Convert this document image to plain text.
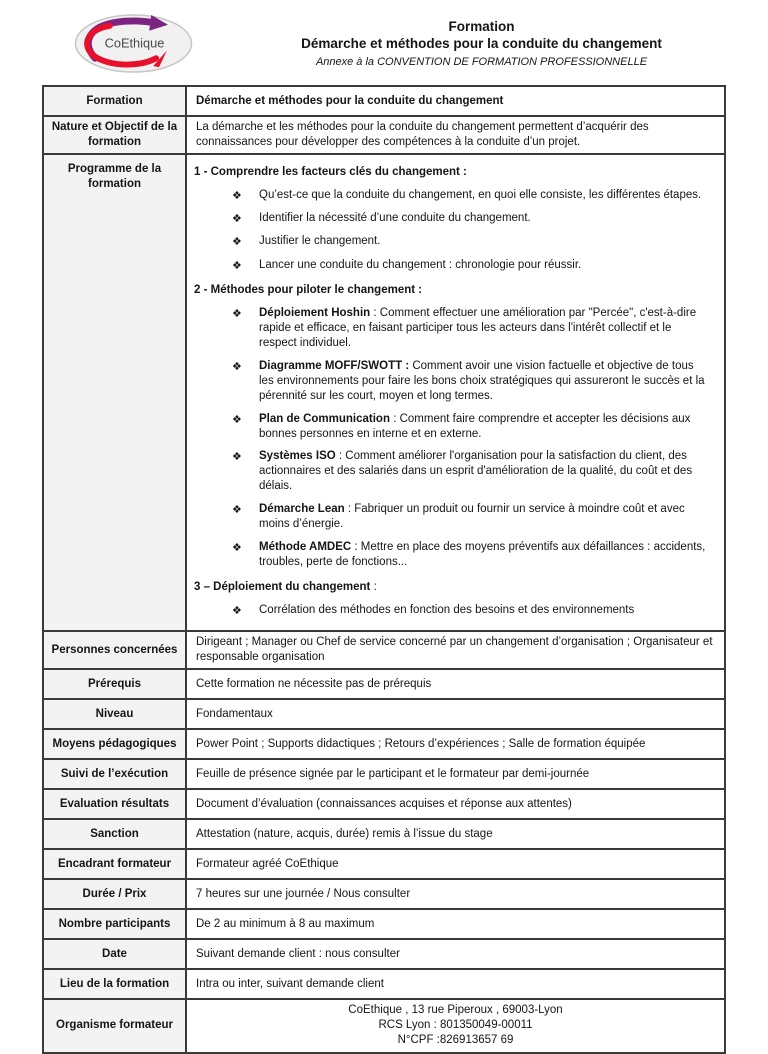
CoEthique
Formation
Démarche et méthodes pour la conduite du changement
Annexe à la CONVENTION DE FORMATION PROFESSIONNELLE
Formation	Démarche et méthodes pour la conduite du changement
Nature et Objectif de la formation	La démarche et les méthodes pour la conduite du changement permettent d’acquérir des connaissances pour développer des compétences à la conduite d’un projet.
Programme de la formation	
1 - Comprendre les facteurs clés du changement :
❖	Qu’est-ce que la conduite du changement, en quoi elle consiste, les différentes étapes.
❖	Identifier la nécessité d’une conduite du changement.
❖	Justifier le changement.
❖	Lancer une conduite du changement : chronologie pour réussir.
2 - Méthodes pour piloter le changement :
❖	Déploiement Hoshin : Comment effectuer une amélioration par "Percée", c'est-à-dire rapide et efficace, en faisant participer tous les acteurs dans l'intérêt collectif et le respect individuel.
❖	Diagramme MOFF/SWOTT : Comment avoir une vision factuelle et objective de tous les environnements pour faire les bons choix stratégiques qui assureront le succès et la pérennité sur les court, moyen et long termes.
❖	Plan de Communication : Comment faire comprendre et accepter les décisions aux bonnes personnes en interne et en externe.
❖	Systèmes ISO : Comment améliorer l'organisation pour la satisfaction du client, des actionnaires et des salariés dans un esprit d'amélioration de la qualité, du coût et des délais.
❖	Démarche Lean : Fabriquer un produit ou fournir un service à moindre coût et avec moins d’énergie.
❖	Méthode AMDEC : Mettre en place des moyens préventifs aux défaillances : accidents, troubles, perte de fonctions...
3 – Déploiement du changement :
❖	Corrélation des méthodes en fonction des besoins et des environnements

Personnes concernées	Dirigeant ; Manager ou Chef de service concerné par un changement d’organisation ; Organisateur et responsable organisation
Prérequis	Cette formation ne nécessite pas de prérequis
Niveau	Fondamentaux
Moyens pédagogiques	Power Point ; Supports didactiques ; Retours d’expériences ; Salle de formation équipée
Suivi de l’exécution	Feuille de présence signée par le participant et le formateur par demi-journée
Evaluation résultats	Document d’évaluation (connaissances acquises et réponse aux attentes)
Sanction	Attestation (nature, acquis, durée) remis à l’issue du stage
Encadrant formateur	Formateur agréé CoEthique
Durée / Prix	7 heures sur une journée / Nous consulter
Nombre participants	De 2 au minimum à 8 au maximum
Date	Suivant demande client : nous consulter
Lieu de la formation	Intra ou inter, suivant demande client
Organisme formateur	CoEthique , 13 rue Piperoux , 69003-Lyon
RCS Lyon : 801350049-00011
N°CPF :826913657 69
